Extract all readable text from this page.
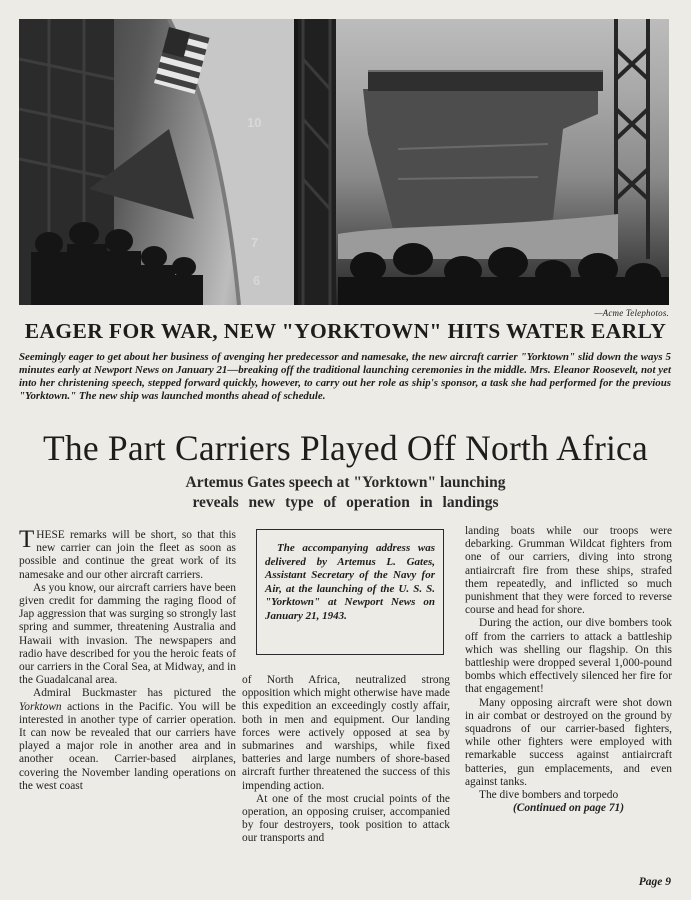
10
7
6
—Acme Telephotos.
EAGER FOR WAR, NEW "YORKTOWN" HITS WATER EARLY
Seemingly eager to get about her business of avenging her predecessor and namesake, the new aircraft carrier "Yorktown" slid down the ways 5 minutes early at Newport News on January 21—breaking off the traditional launching ceremonies in the middle. Mrs. Eleanor Roosevelt, not yet into her christening speech, stepped forward quickly, however, to carry out her role as ship's sponsor, a task she had performed for the previous "Yorktown." The new ship was launched months ahead of schedule.
The Part Carriers Played Off North Africa
Artemus Gates speech at "Yorktown" launching
reveals new type of operation in landings

THESE remarks will be short, so that this new carrier can join the fleet as soon as possible and continue the great work of its namesake and our other aircraft carriers.

As you know, our aircraft carriers have been given credit for damming the raging flood of Jap aggression that was surging so strongly last spring and summer, threatening Australia and Hawaii with invasion. The newspapers and radio have described for you the heroic feats of our carriers in the Coral Sea, at Midway, and in the Guadalcanal area.

Admiral Buckmaster has pictured the Yorktown actions in the Pacific. You will be interested in another type of carrier operation. It can now be revealed that our carriers have played a major role in another area and in another ocean. Carrier-based airplanes, covering the November landing operations on the west coast

The accompanying address was delivered by Artemus L. Gates, Assistant Secretary of the Navy for Air, at the launching of the U. S. S. "Yorktown" at Newport News on January 21, 1943.

of North Africa, neutralized strong opposition which might otherwise have made this expedition an exceedingly costly affair, both in men and equipment. Our landing forces were actively opposed at sea by submarines and warships, while fixed batteries and large numbers of shore-based aircraft further threatened the success of this impending action.

At one of the most crucial points of the operation, an opposing cruiser, accompanied by four destroyers, took position to attack our transports and

landing boats while our troops were debarking. Grumman Wildcat fighters from one of our carriers, diving into strong antiaircraft fire from these ships, strafed them repeatedly, and inflicted so much punishment that they were forced to reverse course and head for shore.

During the action, our dive bombers took off from the carriers to attack a battleship which was shelling our flagship. On this battleship were dropped several 1,000-pound bombs which effectively silenced her fire for that engagement!

Many opposing aircraft were shot down in air combat or destroyed on the ground by squadrons of our carrier-based fighters, while other fighters were employed with remarkable success against antiaircraft batteries, gun emplacements, and even against tanks.

The dive bombers and torpedo

(Continued on page 71)

Page 9
